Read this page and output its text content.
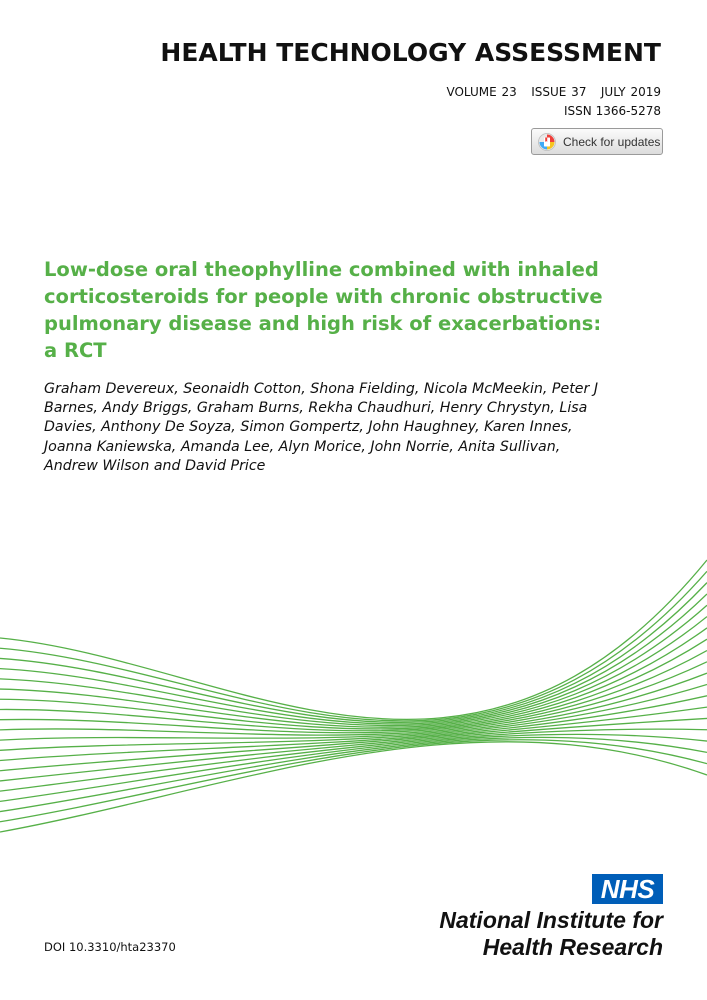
HEALTH TECHNOLOGY ASSESSMENT
VOLUME 23   ISSUE 37   JULY 2019
ISSN 1366-5278
Check for updates
Low-dose oral theophylline combined with inhaled corticosteroids for people with chronic obstructive pulmonary disease and high risk of exacerbations: a RCT

Graham Devereux, Seonaidh Cotton, Shona Fielding, Nicola McMeekin, Peter J Barnes, Andy Briggs, Graham Burns, Rekha Chaudhuri, Henry Chrystyn, Lisa Davies, Anthony De Soyza, Simon Gompertz, John Haughney, Karen Innes, Joanna Kaniewska, Amanda Lee, Alyn Morice, John Norrie, Anita Sullivan, Andrew Wilson and David Price

NHS
National Institute for
Health Research
DOI 10.3310/hta23370
